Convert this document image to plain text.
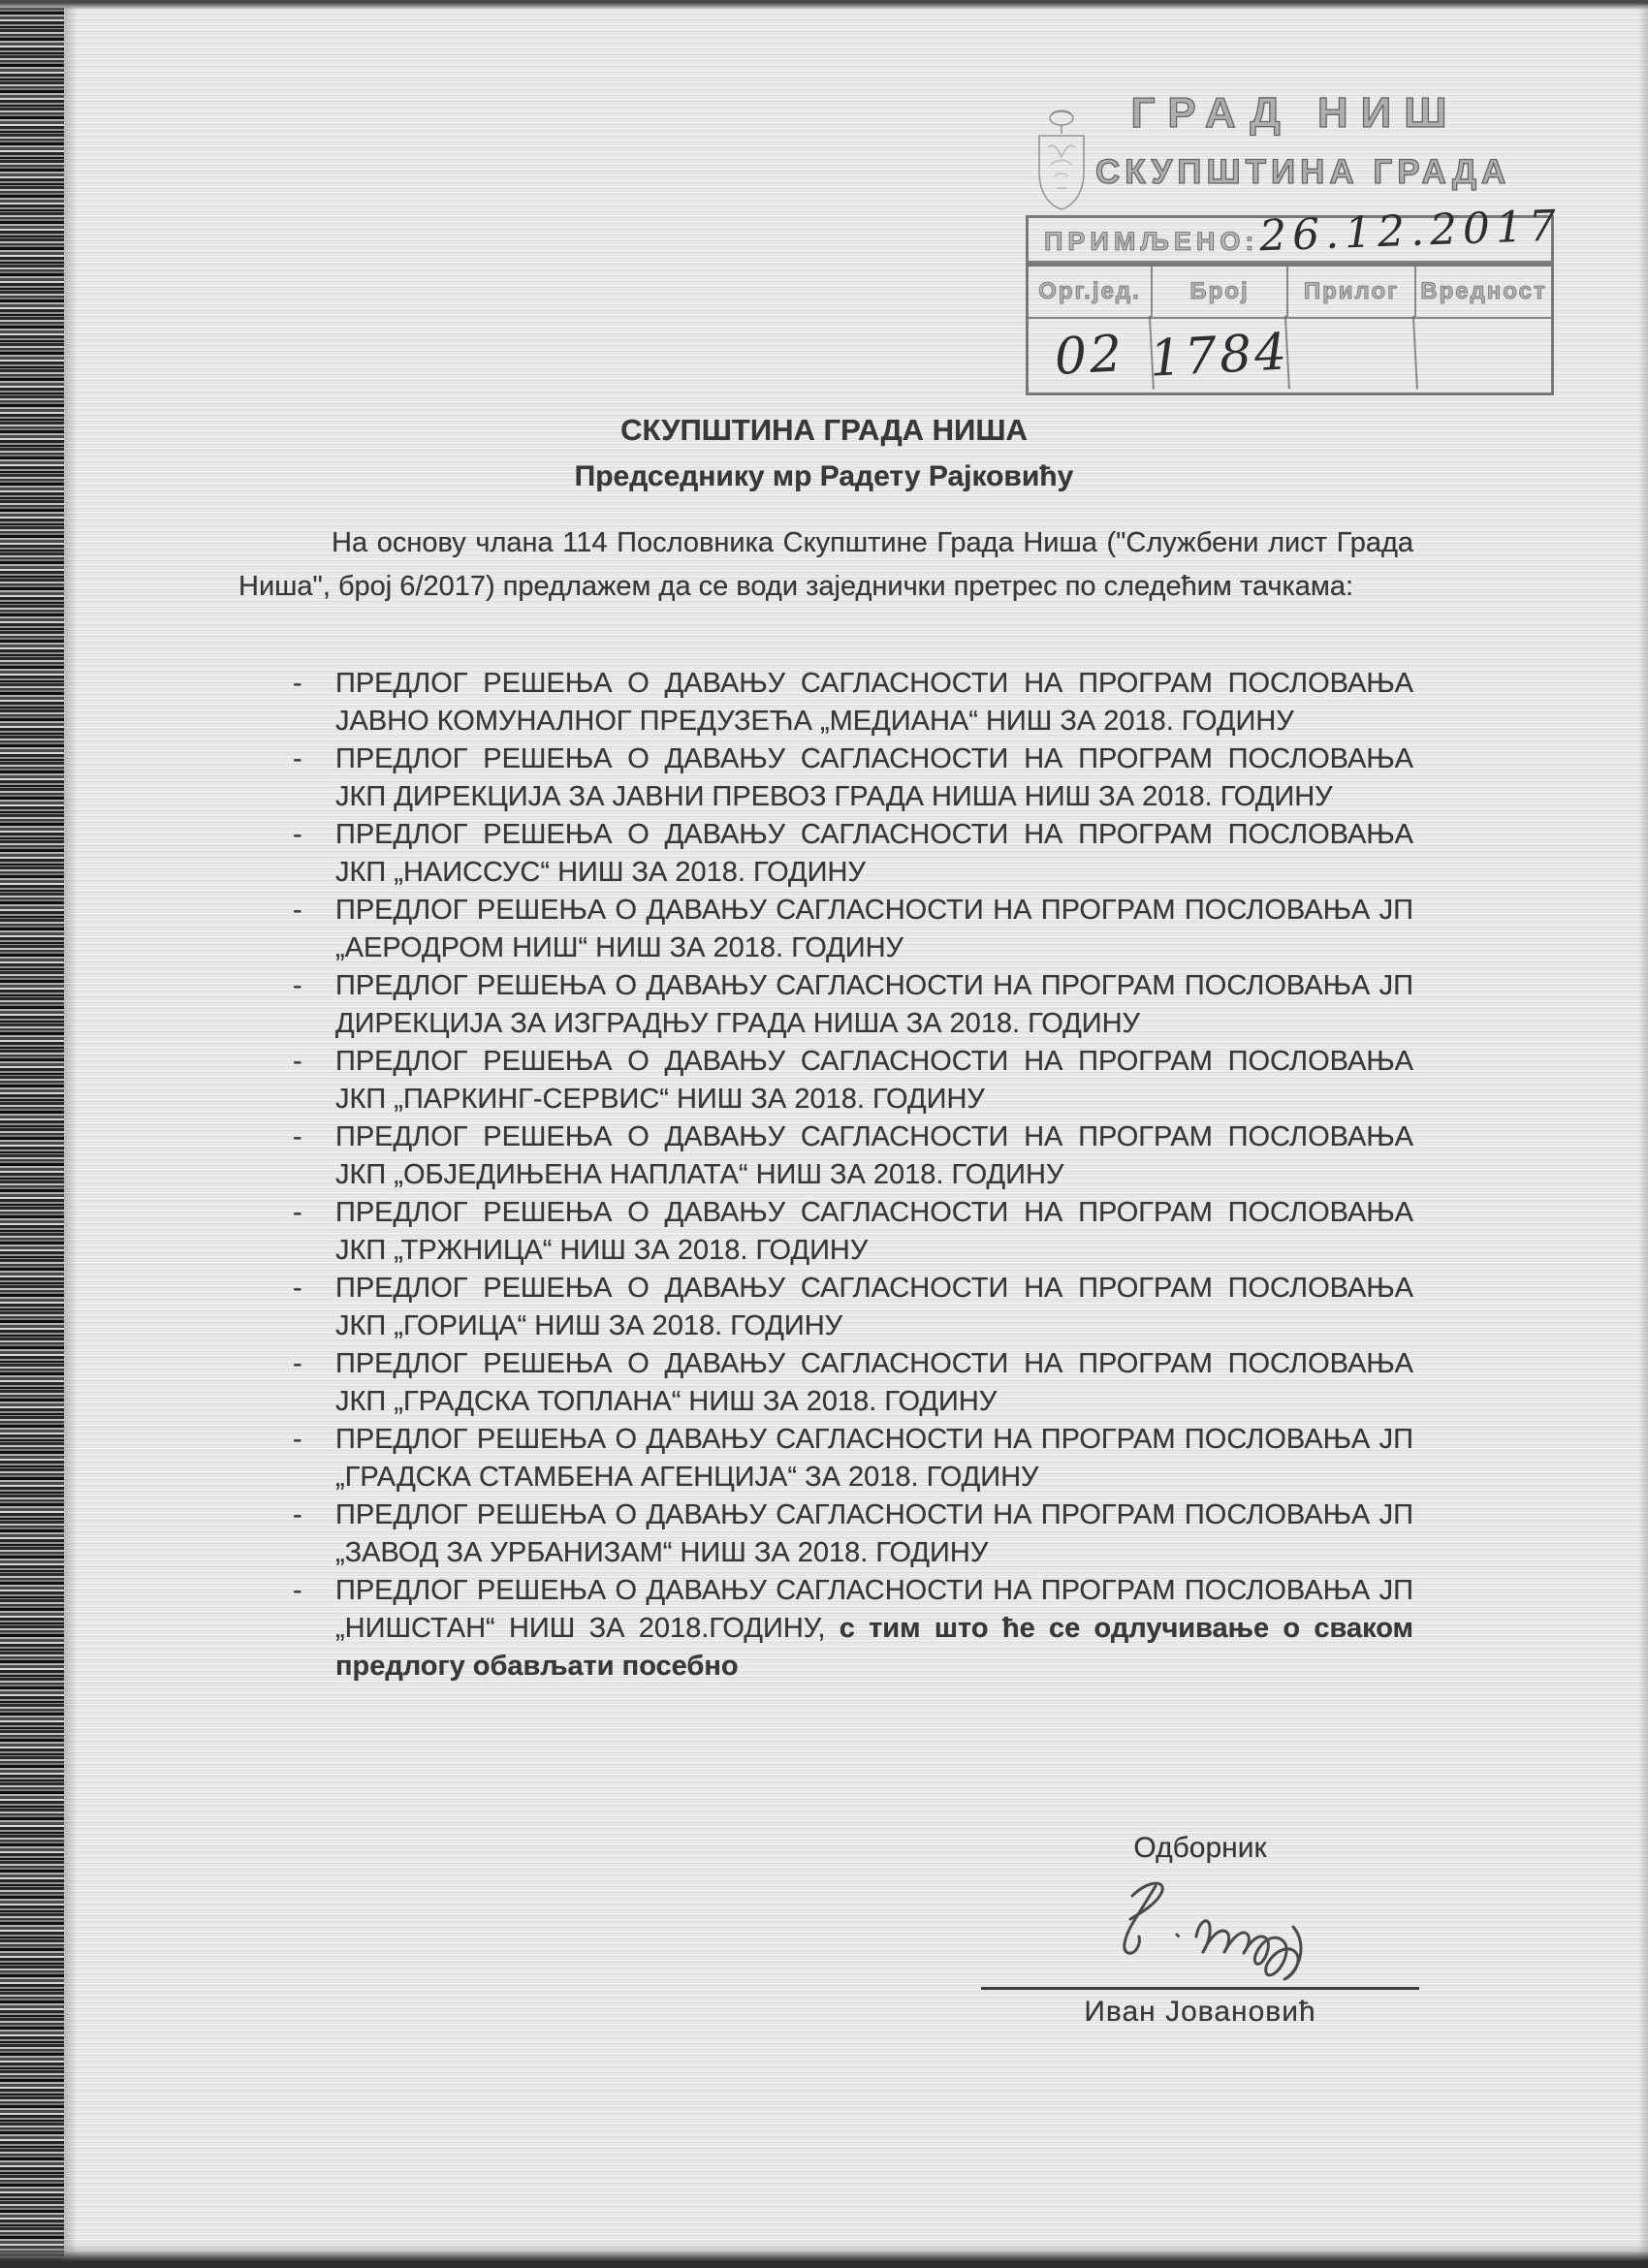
ГРАД НИШ
СКУПШТИНА ГРАДА
ПРИМЉЕНО: 26.12.2017
Орг.јед.	Број	Прилог Вредност
02 1784
СКУПШТИНА ГРАДА НИША
Председнику мр Радету Рајковићу

На основу члана 114 Пословника Скупштине Града Ниша ("Службени лист Града Ниша", број 6/2017) предлажем да се води заједнички претрес по следећим тачкама:

- ПРЕДЛОГ РЕШЕЊА О ДАВАЊУ САГЛАСНОСТИ НА ПРОГРАМ ПОСЛОВАЊА ЈАВНО КОМУНАЛНОГ ПРЕДУЗЕЋА „МЕДИАНА“ НИШ ЗА 2018. ГОДИНУ
- ПРЕДЛОГ РЕШЕЊА О ДАВАЊУ САГЛАСНОСТИ НА ПРОГРАМ ПОСЛОВАЊА ЈКП ДИРЕКЦИЈА ЗА ЈАВНИ ПРЕВОЗ ГРАДА НИША НИШ ЗА 2018. ГОДИНУ
- ПРЕДЛОГ РЕШЕЊА О ДАВАЊУ САГЛАСНОСТИ НА ПРОГРАМ ПОСЛОВАЊА ЈКП „НАИССУС“ НИШ ЗА 2018. ГОДИНУ
- ПРЕДЛОГ РЕШЕЊА О ДАВАЊУ САГЛАСНОСТИ НА ПРОГРАМ ПОСЛОВАЊА ЈП „АЕРОДРОМ НИШ“ НИШ ЗА 2018. ГОДИНУ
- ПРЕДЛОГ РЕШЕЊА О ДАВАЊУ САГЛАСНОСТИ НА ПРОГРАМ ПОСЛОВАЊА ЈП ДИРЕКЦИЈА ЗА ИЗГРАДЊУ ГРАДА НИША ЗА 2018. ГОДИНУ
- ПРЕДЛОГ РЕШЕЊА О ДАВАЊУ САГЛАСНОСТИ НА ПРОГРАМ ПОСЛОВАЊА ЈКП „ПАРКИНГ-СЕРВИС“ НИШ ЗА 2018. ГОДИНУ
- ПРЕДЛОГ РЕШЕЊА О ДАВАЊУ САГЛАСНОСТИ НА ПРОГРАМ ПОСЛОВАЊА ЈКП „ОБЈЕДИЊЕНА НАПЛАТА“ НИШ ЗА 2018. ГОДИНУ
- ПРЕДЛОГ РЕШЕЊА О ДАВАЊУ САГЛАСНОСТИ НА ПРОГРАМ ПОСЛОВАЊА ЈКП „ТРЖНИЦА“ НИШ ЗА 2018. ГОДИНУ
- ПРЕДЛОГ РЕШЕЊА О ДАВАЊУ САГЛАСНОСТИ НА ПРОГРАМ ПОСЛОВАЊА ЈКП „ГОРИЦА“ НИШ ЗА 2018. ГОДИНУ
- ПРЕДЛОГ РЕШЕЊА О ДАВАЊУ САГЛАСНОСТИ НА ПРОГРАМ ПОСЛОВАЊА ЈКП „ГРАДСКА ТОПЛАНА“ НИШ ЗА 2018. ГОДИНУ
- ПРЕДЛОГ РЕШЕЊА О ДАВАЊУ САГЛАСНОСТИ НА ПРОГРАМ ПОСЛОВАЊА ЈП „ГРАДСКА СТАМБЕНА АГЕНЦИЈА“ ЗА 2018. ГОДИНУ
- ПРЕДЛОГ РЕШЕЊА О ДАВАЊУ САГЛАСНОСТИ НА ПРОГРАМ ПОСЛОВАЊА ЈП „ЗАВОД ЗА УРБАНИЗАМ“ НИШ ЗА 2018. ГОДИНУ
- ПРЕДЛОГ РЕШЕЊА О ДАВАЊУ САГЛАСНОСТИ НА ПРОГРАМ ПОСЛОВАЊА ЈП „НИШСТАН“ НИШ ЗА 2018.ГОДИНУ, с тим што ће се одлучивање о сваком предлогу обављати посебно
Одборник
Иван Јовановић
